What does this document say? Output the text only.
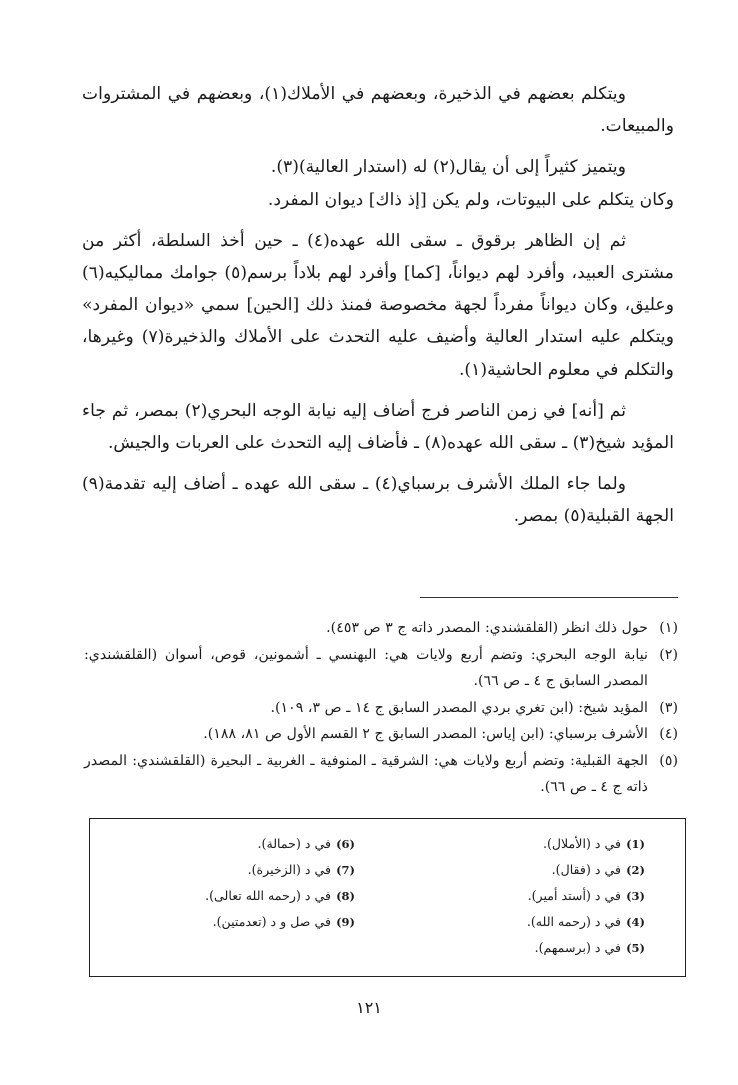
ويتكلم بعضهم في الذخيرة، وبعضهم في الأملاك(١)، وبعضهم في المشتروات والمبيعات.

ويتميز كثيراً إلى أن يقال(٢) له (استدار العالية)(٣).

وكان يتكلم على البيوتات، ولم يكن [إذ ذاك] ديوان المفرد.

ثم إن الظاهر برقوق ـ سقى الله عهده(٤) ـ حين أخذ السلطة، أكثر من مشترى العبيد، وأفرد لهم ديواناً، [كما] وأفرد لهم بلاداً برسم(٥) جوامك مماليكيه(٦) وعليق، وكان ديواناً مفرداً لجهة مخصوصة فمنذ ذلك [الحين] سمي «ديوان المفرد» ويتكلم عليه استدار العالية وأضيف عليه التحدث على الأملاك والذخيرة(٧) وغيرها، والتكلم في معلوم الحاشية(١).

ثم [أنه] في زمن الناصر فرج أضاف إليه نيابة الوجه البحري(٢) بمصر، ثم جاء المؤيد شيخ(٣) ـ سقى الله عهده(٨) ـ فأضاف إليه التحدث على العربات والجيش.

ولما جاء الملك الأشرف برسباي(٤) ـ سقى الله عهده ـ أضاف إليه تقدمة(٩) الجهة القبلية(٥) بمصر.

(١)
حول ذلك انظر (القلقشندي: المصدر ذاته ج ٣ ص ٤٥٣).
(٢)
نيابة الوجه البحري: وتضم أربع ولايات هي: البهنسي ـ أشمونين، قوص، أسوان (القلقشندي: المصدر السابق ج ٤ ـ ص ٦٦).
(٣)
المؤيد شيخ: (ابن تغري بردي المصدر السابق ج ١٤ ـ ص ٣، ١٠٩).
(٤)
الأشرف برسباي: (ابن إياس: المصدر السابق ج ٢ القسم الأول ص ٨١، ١٨٨).
(٥)
الجهة القبلية: وتضم أربع ولايات هي: الشرقية ـ المنوفية ـ الغربية ـ البحيرة (القلقشندي: المصدر ذاته ج ٤ ـ ص ٦٦).
(1)
في د (الأملال).
(2)
في د (فقال).
(3)
في د (أستد أمير).
(4)
في د (رحمه الله).
(5)
في د (برسمهم).
(6)
في د (حمالة).
(7)
في د (الزخيرة).
(8)
في د (رحمه الله تعالى).
(9)
في صل و د (تعدمتين).
١٢١
